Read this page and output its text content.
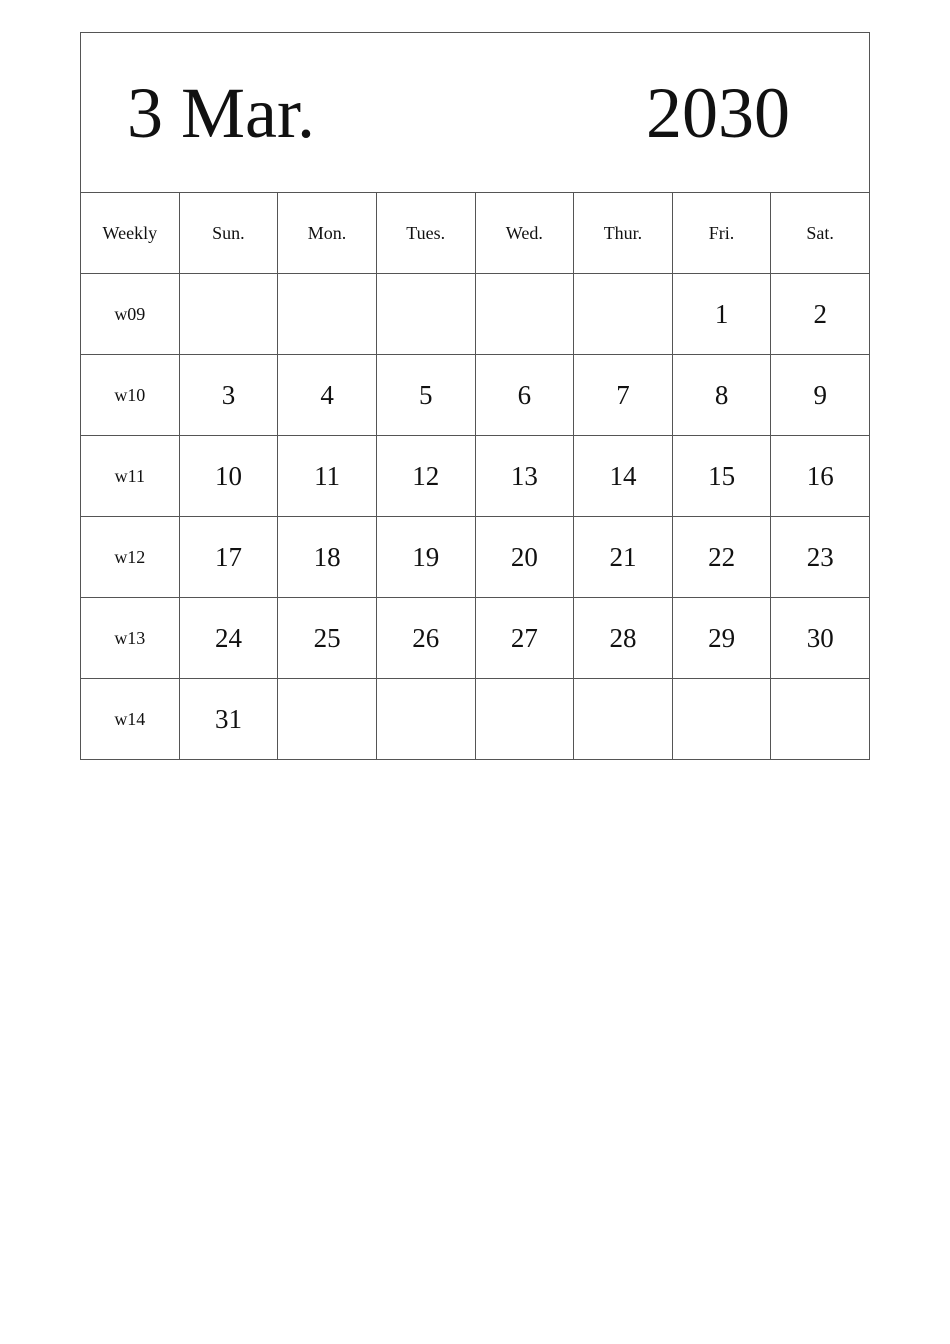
3 Mar. 2030							

Weekly	Sun.	Mon.	Tues.	Wed.	Thur.	Fri.	Sat.
w09						1	2
w10	3	4	5	6	7	8	9
w11	10	11	12	13	14	15	16
w12	17	18	19	20	21	22	23
w13	24	25	26	27	28	29	30
w14	31						
